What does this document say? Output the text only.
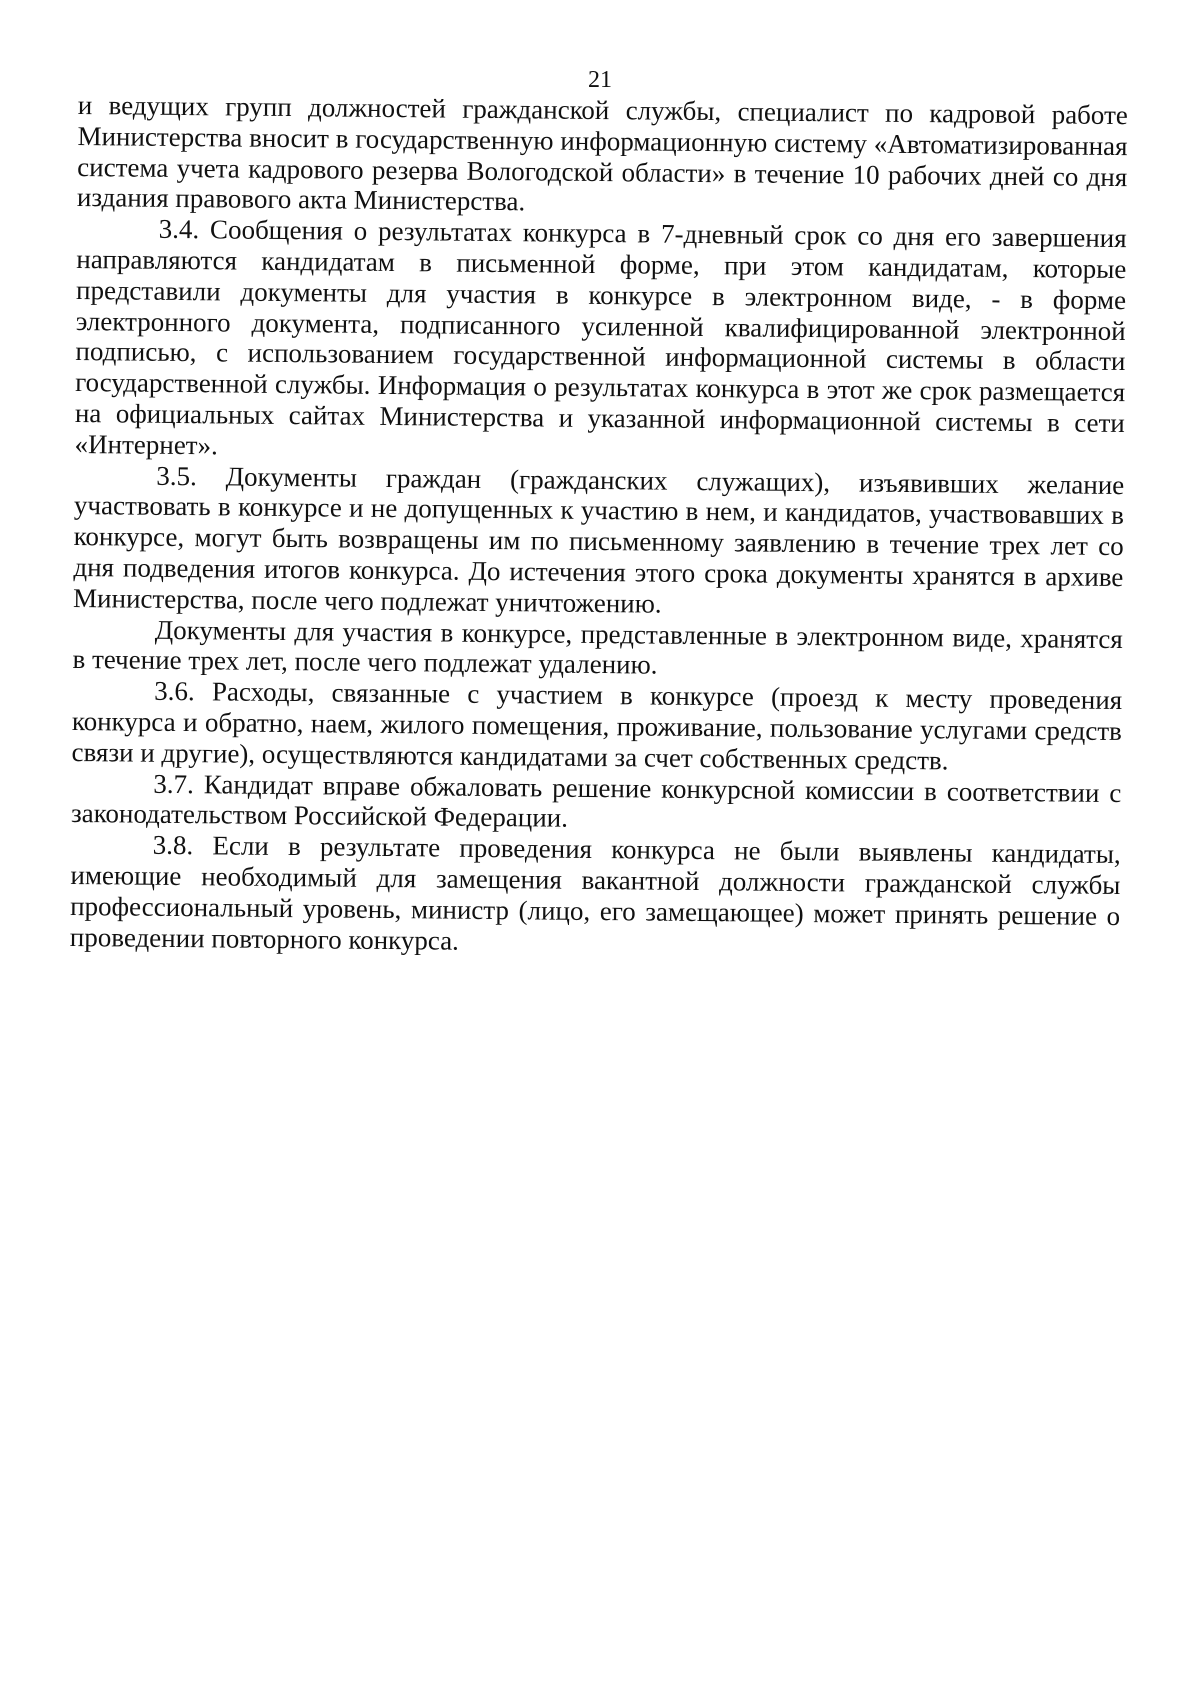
21

и ведущих групп должностей гражданской службы, специалист по кадровой работе Министерства вносит в государственную информационную систему «Автоматизированная система учета кадрового резерва Вологодской области» в течение 10 рабочих дней со дня издания правового акта Министерства.

3.4. Сообщения о результатах конкурса в 7-дневный срок со дня его завершения направляются кандидатам в письменной форме, при этом кандидатам, которые представили документы для участия в конкурсе в электронном виде, - в форме электронного документа, подписанного усиленной квалифицированной электронной подписью, с использованием государственной информационной системы в области государственной службы. Информация о результатах конкурса в этот же срок размещается на официальных сайтах Министерства и указанной информационной системы в сети «Интернет».

3.5. Документы граждан (гражданских служащих), изъявивших желание участвовать в конкурсе и не допущенных к участию в нем, и кандидатов, участвовавших в конкурсе, могут быть возвращены им по письменному заявлению в течение трех лет со дня подведения итогов конкурса. До истечения этого срока документы хранятся в архиве Министерства, после чего подлежат уничтожению.

Документы для участия в конкурсе, представленные в электронном виде, хранятся в течение трех лет, после чего подлежат удалению.

3.6. Расходы, связанные с участием в конкурсе (проезд к месту проведения конкурса и обратно, наем, жилого помещения, проживание, пользование услугами средств связи и другие), осуществляются кандидатами за счет собственных средств.

3.7. Кандидат вправе обжаловать решение конкурсной комиссии в соответствии с законодательством Российской Федерации.

3.8. Если в результате проведения конкурса не были выявлены кандидаты, имеющие необходимый для замещения вакантной должности гражданской службы профессиональный уровень, министр (лицо, его замещающее) может принять решение о проведении повторного конкурса.
